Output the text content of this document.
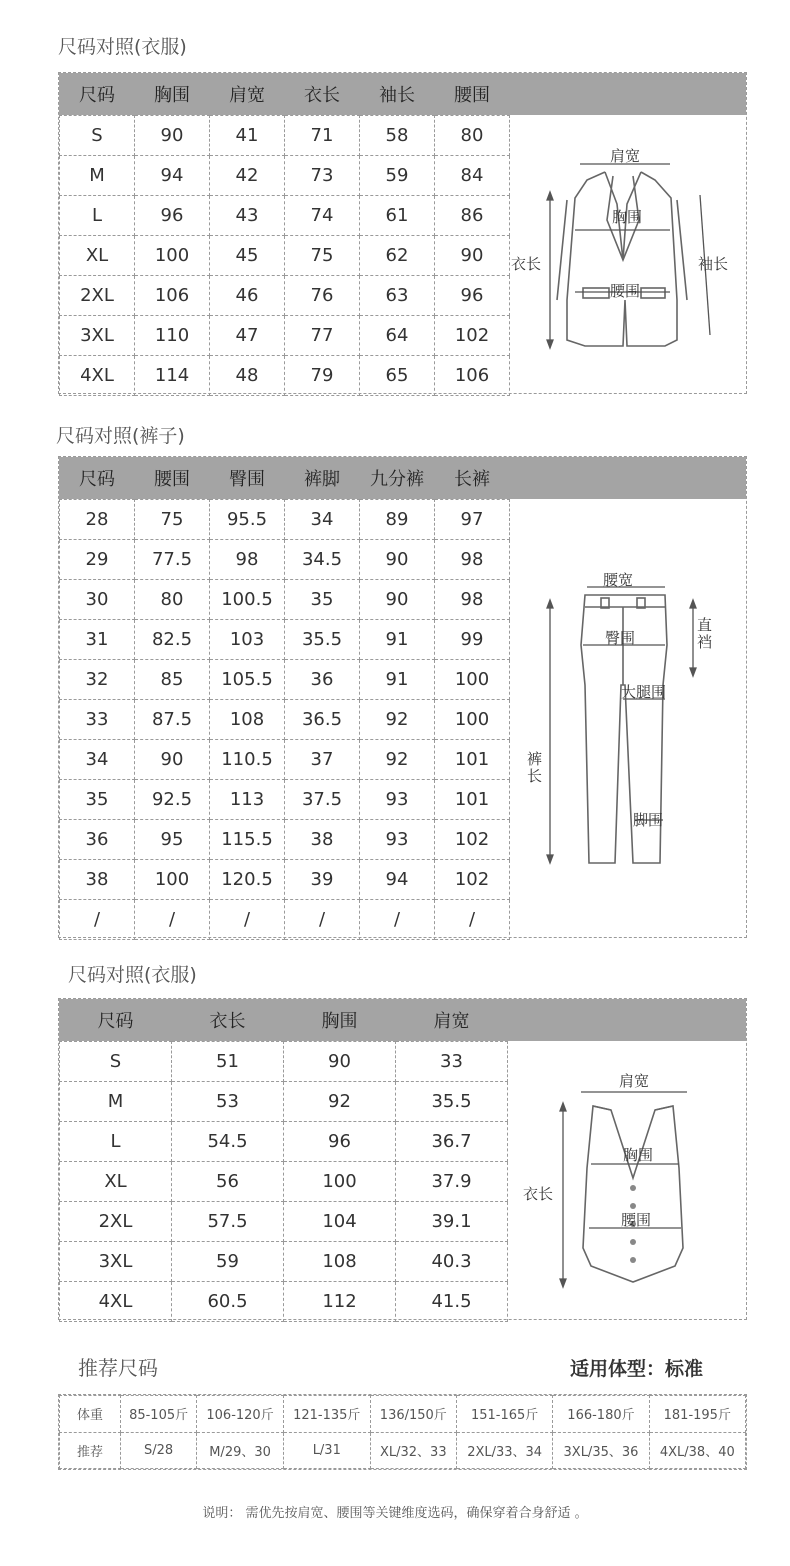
尺码对照(衣服)
尺码	胸围	肩宽	衣长	袖长	腰围
S	90	41	71	58	80
M	94	42	73	59	84
L	96	43	74	61	86
XL	100	45	75	62	90
2XL	106	46	76	63	96
3XL	110	47	77	64	102
4XL	114	48	79	65	106
肩宽
胸围
腰围
衣长	袖长
尺码对照(裤子)
尺码	腰围	臀围	裤脚	九分裤	长裤
28	75	95.5	34	89	97
29	77.5	98	34.5	90	98
30	80	100.5	35	90	98
31	82.5	103	35.5	91	99
32	85	105.5	36	91	100
33	87.5	108	36.5	92	100
34	90	110.5	37	92	101
35	92.5	113	37.5	93	101
36	95	115.5	38	93	102
38	100	120.5	39	94	102
/	/	/	/	/	/
腰宽
臀围
大腿围
脚围
裤长
直裆
尺码对照(衣服)
尺码	衣长	胸围	肩宽
S	51	90	33
M	53	92	35.5
L	54.5	96	36.7
XL	56	100	37.9
2XL	57.5	104	39.1
3XL	59	108	40.3
4XL	60.5	112	41.5
肩宽
胸围
腰围
衣长
推荐尺码	适用体型：标准
体重	85-105斤	106-120斤	121-135斤	136/150斤	151-165斤	166-180斤	181-195斤
推荐	S/28	M/29、30	L/31	XL/32、33	2XL/33、34	3XL/35、36	4XL/38、40
说明： 需优先按肩宽、腰围等关键维度选码，确保穿着合身舒适 。
